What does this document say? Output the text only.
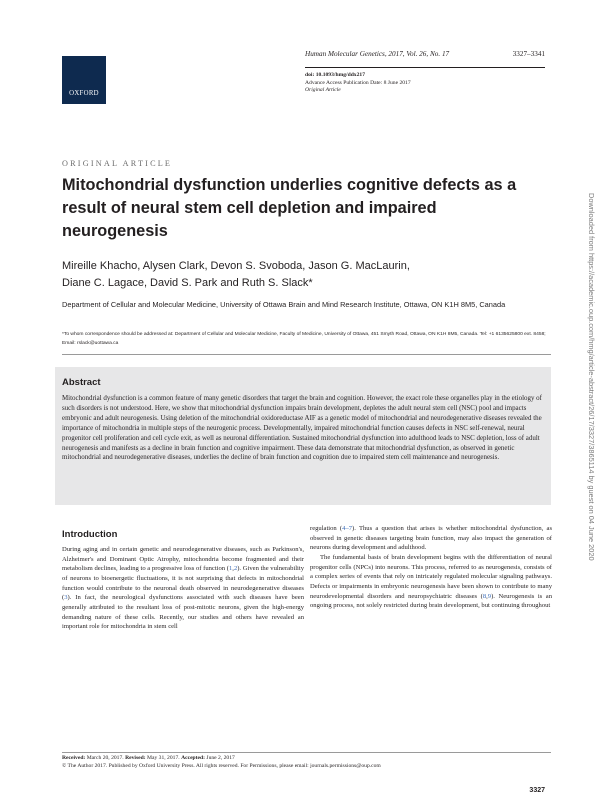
OXFORD
Human Molecular Genetics, 2017, Vol. 26, No. 17	3327–3341
doi: 10.1093/hmg/ddx217
Advance Access Publication Date: 8 June 2017
Original Article
ORIGINAL ARTICLE
Mitochondrial dysfunction underlies cognitive defects as a result of neural stem cell depletion and impaired neurogenesis
Mireille Khacho, Alysen Clark, Devon S. Svoboda, Jason G. MacLaurin,
Diane C. Lagace, David S. Park and Ruth S. Slack*
Department of Cellular and Molecular Medicine, University of Ottawa Brain and Mind Research Institute, Ottawa, ON K1H 8M5, Canada
*To whom correspondence should be addressed at: Department of Cellular and Molecular Medicine, Faculty of Medicine, University of Ottawa, 451 Smyth Road, Ottawa, ON K1H 8M5, Canada. Tel: +1 6135625800 ext. 8458; Email: rslack@uottawa.ca
Abstract
Mitochondrial dysfunction is a common feature of many genetic disorders that target the brain and cognition. However, the exact role these organelles play in the etiology of such disorders is not understood. Here, we show that mitochondrial dysfunction impairs brain development, depletes the adult neural stem cell (NSC) pool and impacts embryonic and adult neurogenesis. Using deletion of the mitochondrial oxidoreductase AIF as a genetic model of mitochondrial and neurodegenerative diseases revealed the importance of mitochondria in multiple steps of the neurogenic process. Developmentally, impaired mitochondrial function causes defects in NSC self-renewal, neural progenitor cell proliferation and cell cycle exit, as well as neuronal differentiation. Sustained mitochondrial dysfunction into adulthood leads to NSC depletion, loss of adult neurogenesis and manifests as a decline in brain function and cognitive impairment. These data demonstrate that mitochondrial dysfunction, as observed in genetic mitochondrial and neurodegenerative diseases, underlies the decline of brain function and cognition due to impaired stem cell maintenance and neurogenesis.
Introduction

During aging and in certain genetic and neurodegenerative diseases, such as Parkinson's, Alzheimer's and Dominant Optic Atrophy, mitochondria become fragmented and their metabolism declines, leading to a progressive loss of function (1,2). Given the vulnerability of neurons to bioenergetic fluctuations, it is not surprising that defects in mitochondrial function would contribute to the neuronal death observed in neurodegenerative diseases (3). In fact, the neurological dysfunctions associated with such diseases have been generally attributed to the resultant loss of post-mitotic neurons, given the high-energy demanding nature of these cells. Recently, our studies and others have revealed an important role for mitochondria in stem cell

regulation (4–7). Thus a question that arises is whether mitochondrial dysfunction, as observed in genetic diseases targeting brain function, may also impact the generation of neurons during development and adulthood.

The fundamental basis of brain development begins with the differentiation of neural progenitor cells (NPCs) into neurons. This process, referred to as neurogenesis, consists of a complex series of events that rely on intricately regulated molecular signaling pathways. Defects or impairments in embryonic neurogenesis have been shown to contribute to many neurodevelopmental disorders and neuropsychiatric diseases (8,9). Neurogenesis is an ongoing process, not solely restricted during brain development, but continuing throughout

Received: March 20, 2017. Revised: May 31, 2017. Accepted: June 2, 2017
© The Author 2017. Published by Oxford University Press. All rights reserved. For Permissions, please email: journals.permissions@oup.com
3327
Downloaded from https://academic.oup.com/hmg/article-abstract/26/17/3327/3865114 by guest on 04 June 2020
